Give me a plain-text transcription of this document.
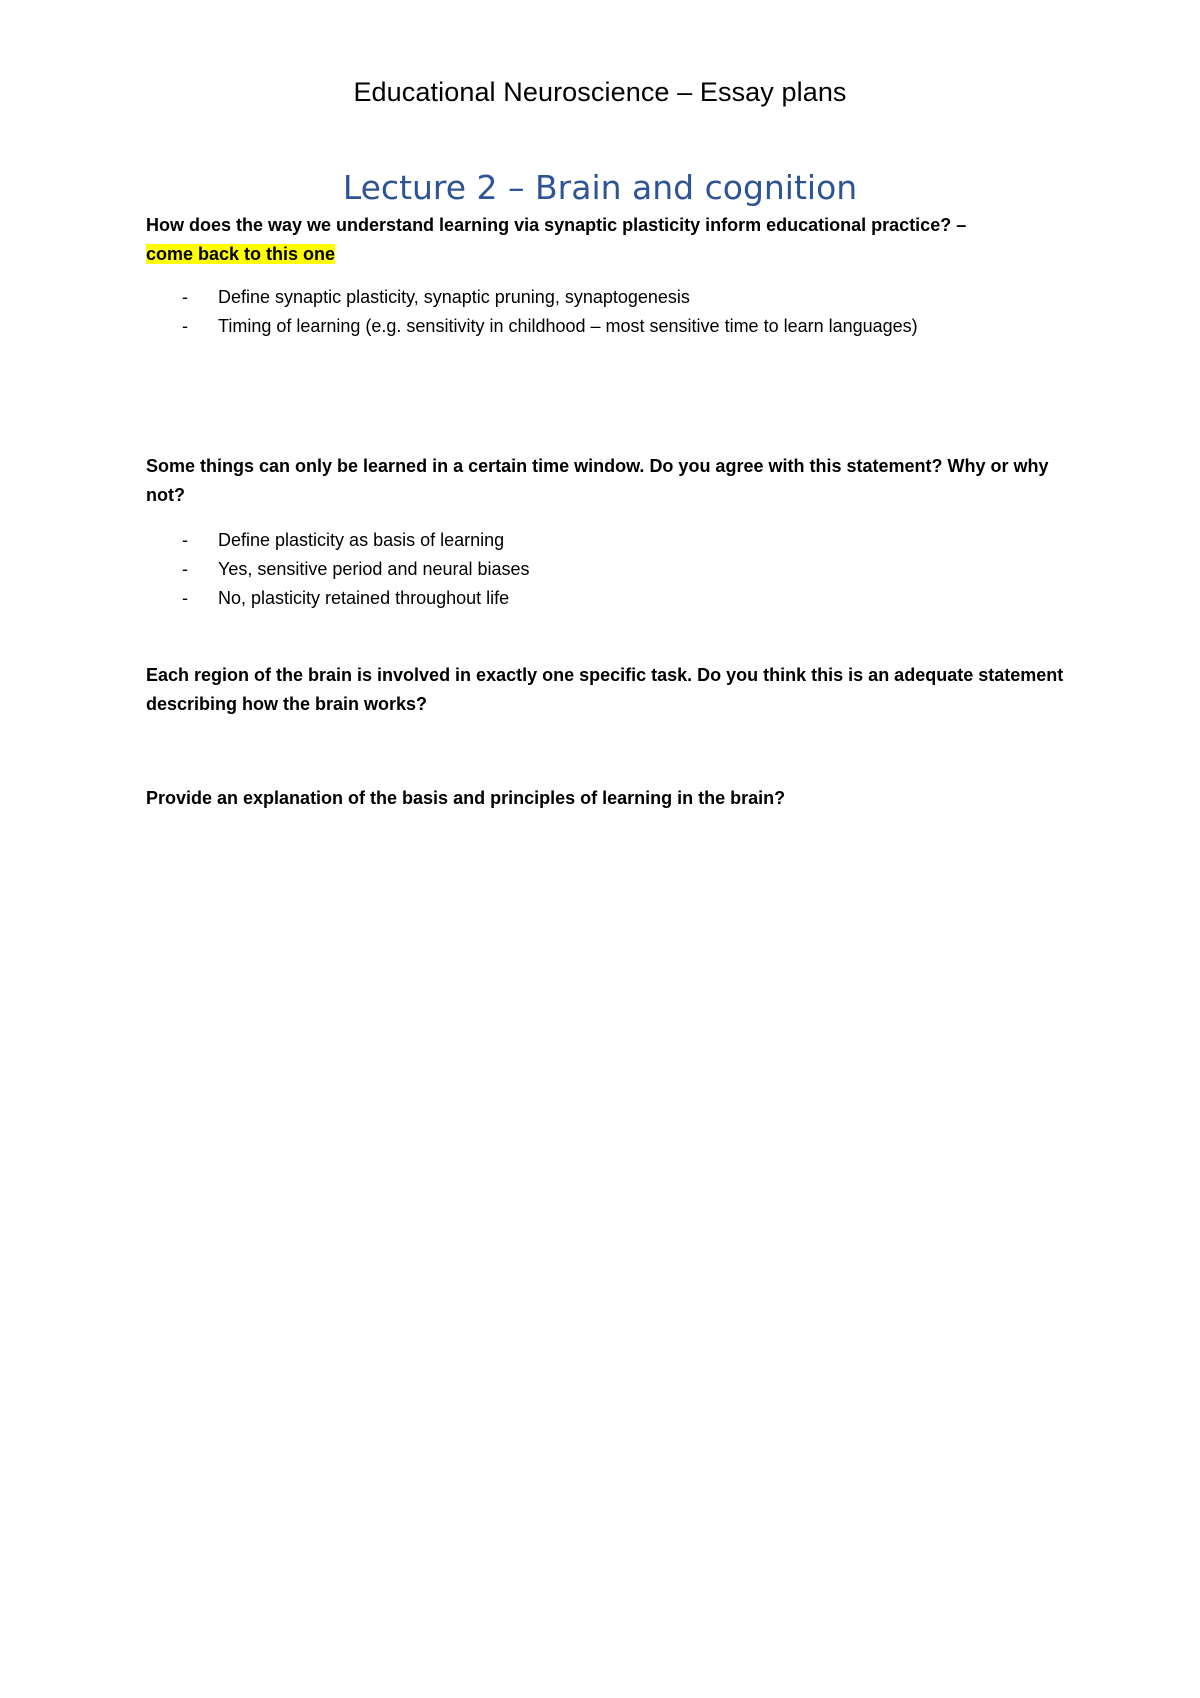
Educational Neuroscience – Essay plans
Lecture 2 – Brain and cognition

How does the way we understand learning via synaptic plasticity inform educational practice? –
come back to this one

- Define synaptic plasticity, synaptic pruning, synaptogenesis
- Timing of learning (e.g. sensitivity in childhood – most sensitive time to learn languages)

Some things can only be learned in a certain time window. Do you agree with this statement? Why or why not?

- Define plasticity as basis of learning
- Yes, sensitive period and neural biases
- No, plasticity retained throughout life

Each region of the brain is involved in exactly one specific task. Do you think this is an adequate statement describing how the brain works?

Provide an explanation of the basis and principles of learning in the brain?
